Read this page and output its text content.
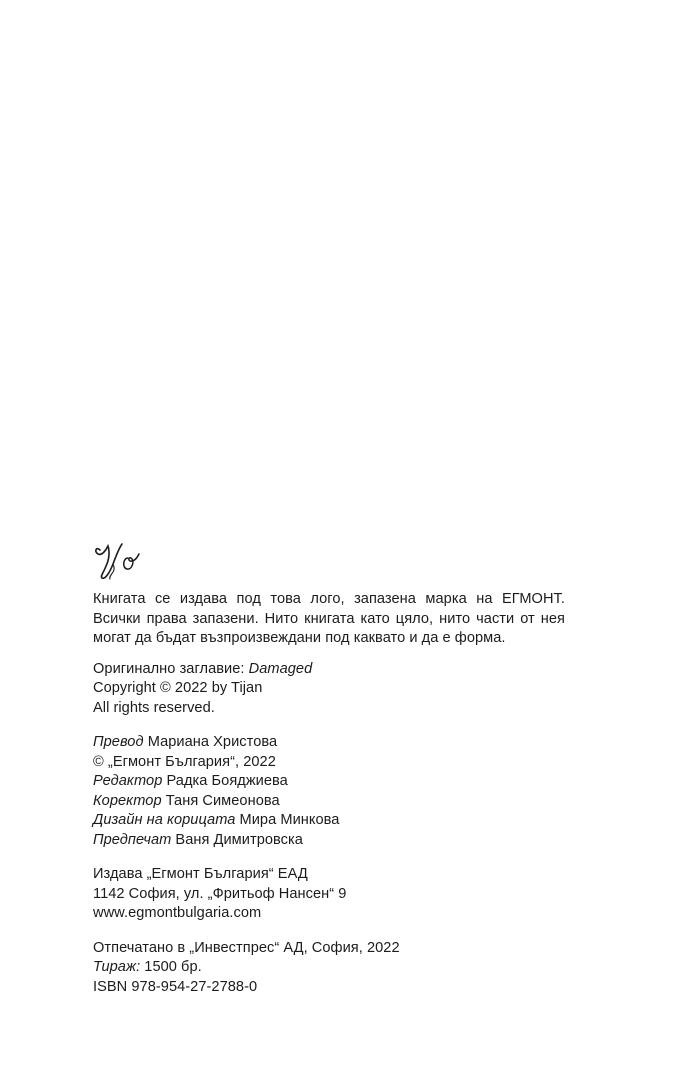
Книгата се издава под това лого, запазена марка на ЕГМОНТ.
Всички права запазени. Нито книгата като цяло, нито части от нея
могат да бъдат възпроизвеждани под каквато и да е форма.
Оригинално заглавие: Damaged
Copyright © 2022 by Tijan
All rights reserved.
Превод Мариана Христова
© „Егмонт България“, 2022
Редактор Радка Бояджиева
Коректор Таня Симеонова
Дизайн на корицата Мира Минкова
Предпечат Ваня Димитровска
Издава „Егмонт България“ ЕАД
1142 София, ул. „Фритьоф Нансен“ 9
www.egmontbulgaria.com
Отпечатано в „Инвестпрес“ АД, София, 2022
Тираж: 1500 бр.
ISBN 978-954-27-2788-0
